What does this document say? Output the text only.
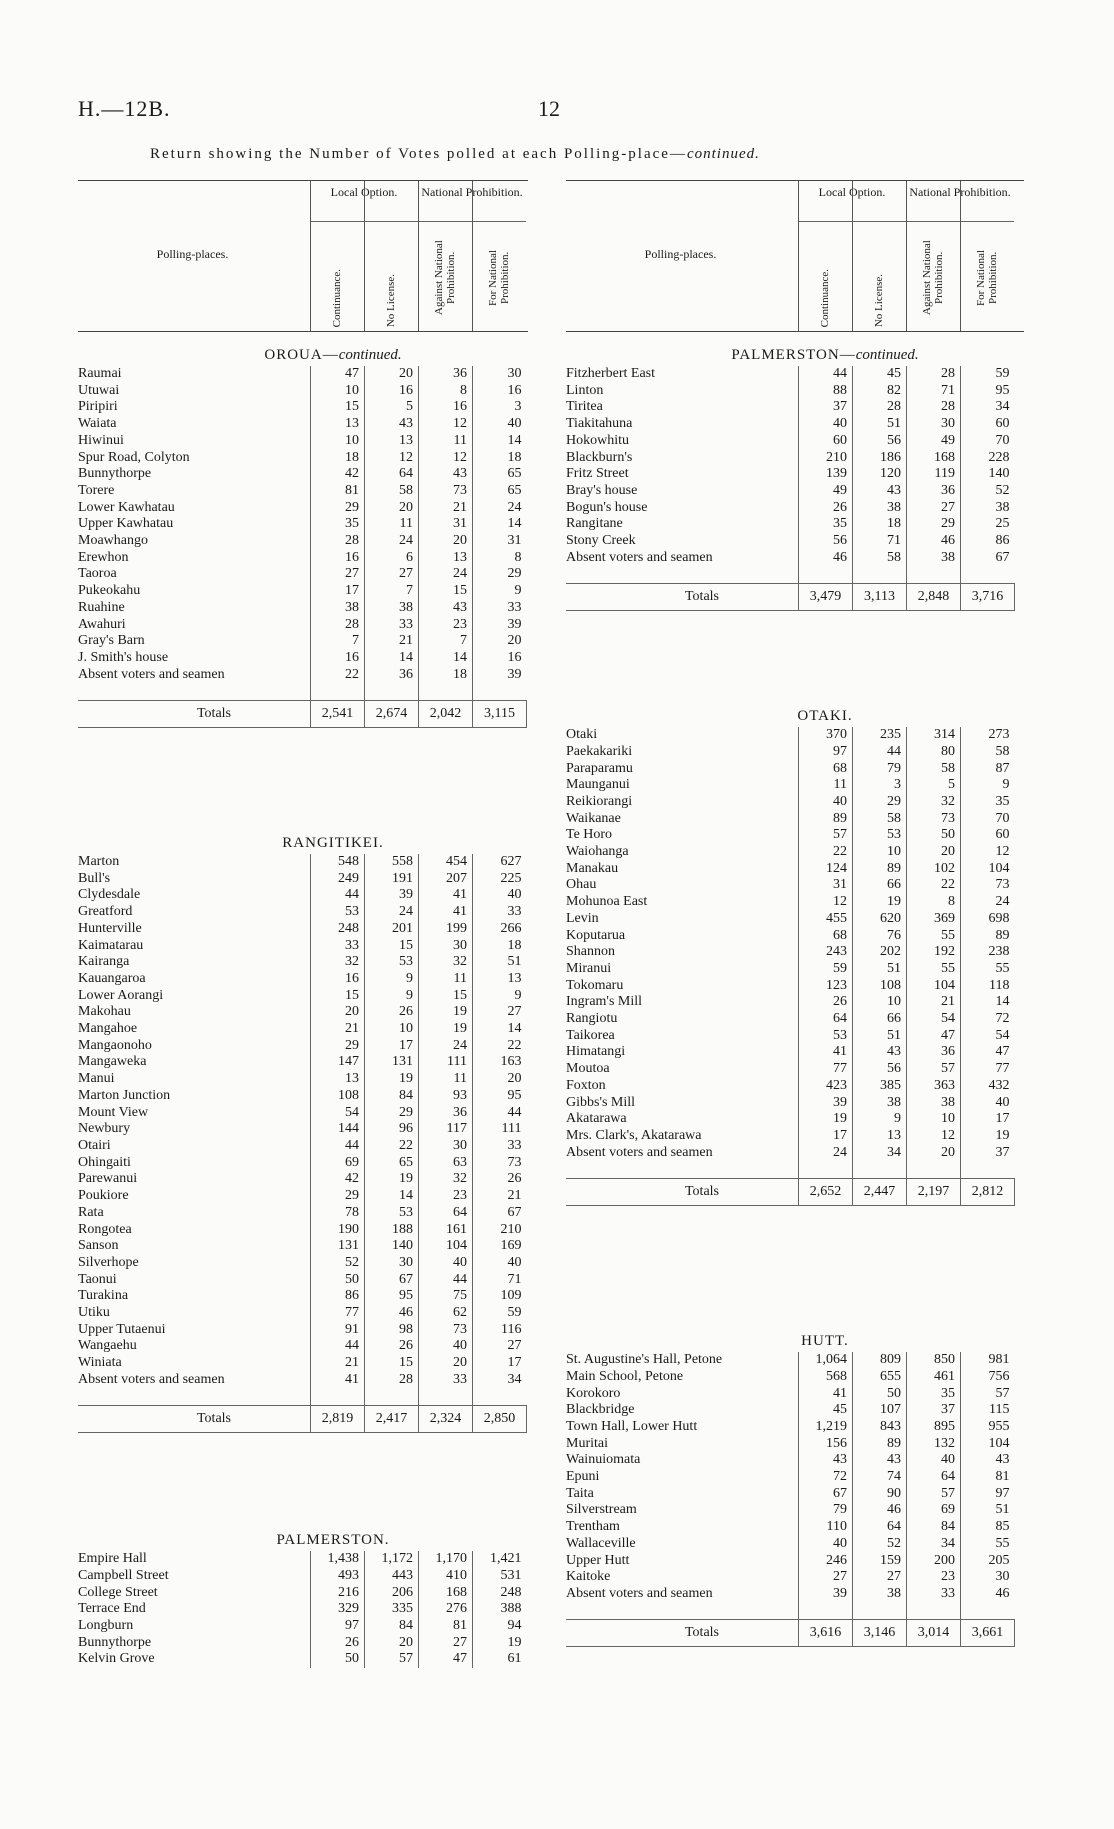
H.—12B.	12
Return showing the Number of Votes polled at each Polling-place—continued.
Polling-places.
Local Option.	National Prohibition.
Continuance.	No License.	Against National Prohibition.	For National Prohibition.
OROUA—continued.
Raumai	47	20	36	30
Utuwai	10	16	8	16
Piripiri	15	5	16	3
Waiata	13	43	12	40
Hiwinui	10	13	11	14
Spur Road, Colyton	18	12	12	18
Bunnythorpe	42	64	43	65
Torere	81	58	73	65
Lower Kawhatau	29	20	21	24
Upper Kawhatau	35	11	31	14
Moawhango	28	24	20	31
Erewhon	16	6	13	8
Taoroa	27	27	24	29
Pukeokahu	17	7	15	9
Ruahine	38	38	43	33
Awahuri	28	33	23	39
Gray's Barn	7	21	7	20
J. Smith's house	16	14	14	16
Absent voters and seamen	22	36	18	39

Totals	2,541	2,674	2,042	3,115
RANGITIKEI.
Marton	548	558	454	627
Bull's	249	191	207	225
Clydesdale	44	39	41	40
Greatford	53	24	41	33
Hunterville	248	201	199	266
Kaimatarau	33	15	30	18
Kairanga	32	53	32	51
Kauangaroa	16	9	11	13
Lower Aorangi	15	9	15	9
Makohau	20	26	19	27
Mangahoe	21	10	19	14
Mangaonoho	29	17	24	22
Mangaweka	147	131	111	163
Manui	13	19	11	20
Marton Junction	108	84	93	95
Mount View	54	29	36	44
Newbury	144	96	117	111
Otairi	44	22	30	33
Ohingaiti	69	65	63	73
Parewanui	42	19	32	26
Poukiore	29	14	23	21
Rata	78	53	64	67
Rongotea	190	188	161	210
Sanson	131	140	104	169
Silverhope	52	30	40	40
Taonui	50	67	44	71
Turakina	86	95	75	109
Utiku	77	46	62	59
Upper Tutaenui	91	98	73	116
Wangaehu	44	26	40	27
Winiata	21	15	20	17
Absent voters and seamen	41	28	33	34

Totals	2,819	2,417	2,324	2,850
PALMERSTON.
Empire Hall	1,438	1,172	1,170	1,421
Campbell Street	493	443	410	531
College Street	216	206	168	248
Terrace End	329	335	276	388
Longburn	97	84	81	94
Bunnythorpe	26	20	27	19
Kelvin Grove	50	57	47	61
Polling-places.
Local Option.	National Prohibition.
Continuance.	No License.	Against National Prohibition.	For National Prohibition.
PALMERSTON—continued.
Fitzherbert East	44	45	28	59
Linton	88	82	71	95
Tiritea	37	28	28	34
Tiakitahuna	40	51	30	60
Hokowhitu	60	56	49	70
Blackburn's	210	186	168	228
Fritz Street	139	120	119	140
Bray's house	49	43	36	52
Bogun's house	26	38	27	38
Rangitane	35	18	29	25
Stony Creek	56	71	46	86
Absent voters and seamen	46	58	38	67

Totals	3,479	3,113	2,848	3,716
OTAKI.
Otaki	370	235	314	273
Paekakariki	97	44	80	58
Paraparamu	68	79	58	87
Maunganui	11	3	5	9
Reikiorangi	40	29	32	35
Waikanae	89	58	73	70
Te Horo	57	53	50	60
Waiohanga	22	10	20	12
Manakau	124	89	102	104
Ohau	31	66	22	73
Mohunoa East	12	19	8	24
Levin	455	620	369	698
Koputarua	68	76	55	89
Shannon	243	202	192	238
Miranui	59	51	55	55
Tokomaru	123	108	104	118
Ingram's Mill	26	10	21	14
Rangiotu	64	66	54	72
Taikorea	53	51	47	54
Himatangi	41	43	36	47
Moutoa	77	56	57	77
Foxton	423	385	363	432
Gibbs's Mill	39	38	38	40
Akatarawa	19	9	10	17
Mrs. Clark's, Akatarawa	17	13	12	19
Absent voters and seamen	24	34	20	37

Totals	2,652	2,447	2,197	2,812
HUTT.
St. Augustine's Hall, Petone	1,064	809	850	981
Main School, Petone	568	655	461	756
Korokoro	41	50	35	57
Blackbridge	45	107	37	115
Town Hall, Lower Hutt	1,219	843	895	955
Muritai	156	89	132	104
Wainuiomata	43	43	40	43
Epuni	72	74	64	81
Taita	67	90	57	97
Silverstream	79	46	69	51
Trentham	110	64	84	85
Wallaceville	40	52	34	55
Upper Hutt	246	159	200	205
Kaitoke	27	27	23	30
Absent voters and seamen	39	38	33	46

Totals	3,616	3,146	3,014	3,661
